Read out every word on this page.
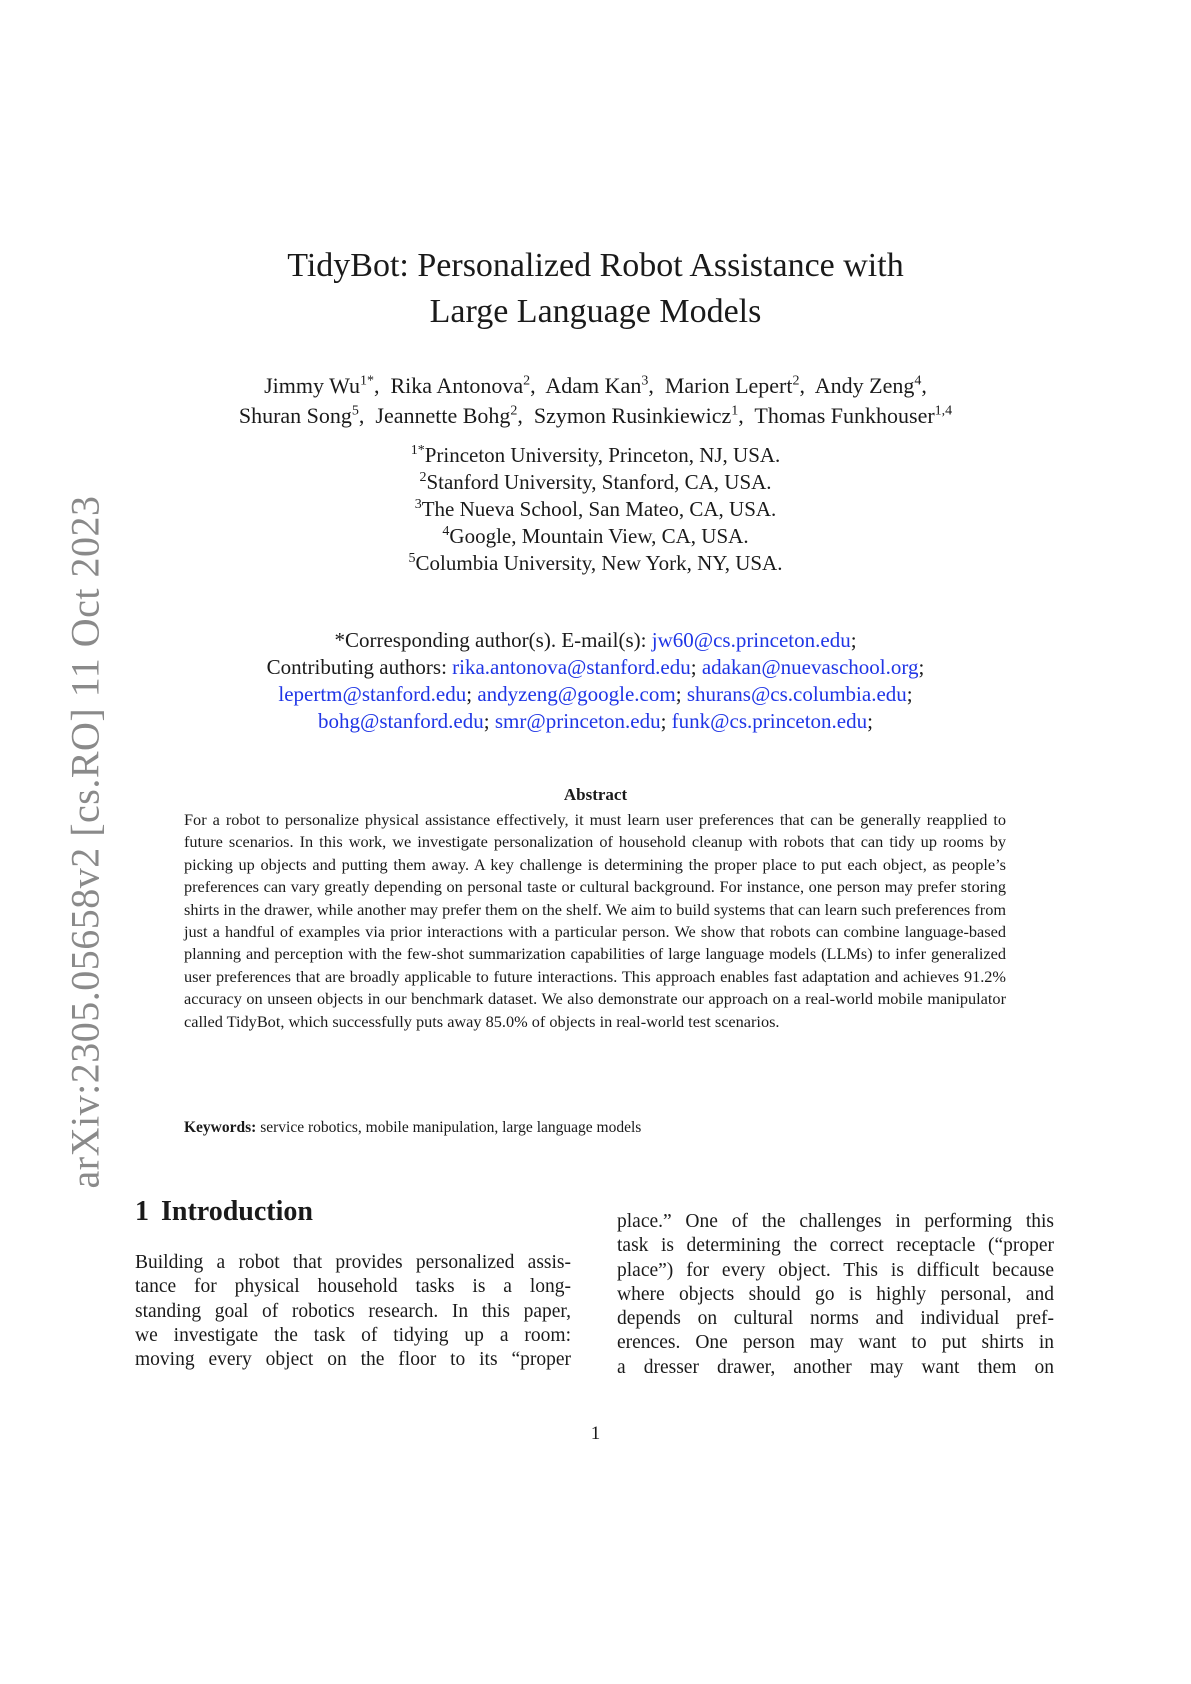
arXiv:2305.05658v2 [cs.RO] 11 Oct 2023
TidyBot: Personalized Robot Assistance with
Large Language Models
Jimmy $Wu^{1*}$,  Rika Antonova$^2$,  Adam Kan$^3$,  Marion Lepert$^2$,  Andy Zeng$^4$,
Shuran Song$^5$,  Jeannette Bohg$^2$,  Szymon Rusinkiewicz$^1$,  Thomas Funkhouser$^{1,4}$
$^{1*}$Princeton University, Princeton, NJ, USA.
$^2$Stanford University, Stanford, CA, USA.
$^3$The Nueva School, San Mateo, CA, USA.
$^4$Google, Mountain View, CA, USA.
$^5$Columbia University, New York, NY, USA.
*Corresponding author(s). E-mail(s): jw60@cs.princeton.edu;
Contributing authors: rika.antonova@stanford.edu; adakan@nuevaschool.org;
lepertm@stanford.edu; andyzeng@google.com; shurans@cs.columbia.edu;
bohg@stanford.edu; smr@princeton.edu; funk@cs.princeton.edu;
Abstract
For a robot to personalize physical assistance effectively, it must learn user preferences that can be generally reapplied to future scenarios. In this work, we investigate personalization of household cleanup with robots that can tidy up rooms by picking up objects and putting them away. A key challenge is determining the proper place to put each object, as people’s preferences can vary greatly depending on personal taste or cultural background. For instance, one person may prefer storing shirts in the drawer, while another may prefer them on the shelf. We aim to build systems that can learn such preferences from just a handful of examples via prior interactions with a particular person. We show that robots can combine language-based planning and perception with the few-shot summarization capabilities of large language models (LLMs) to infer generalized user preferences that are broadly applicable to future interactions. This approach enables fast adaptation and achieves 91.2% accuracy on unseen objects in our benchmark dataset. We also demonstrate our approach on a real-world mobile manipulator called TidyBot, which successfully puts away 85.0% of objects in real-world test scenarios.
Keywords: service robotics, mobile manipulation, large language models
1 Introduction
Building a robot that provides personalized assis-
tance for physical household tasks is a long-
standing goal of robotics research. In this paper,
we investigate the task of tidying up a room:
moving every object on the floor to its “proper
place.” One of the challenges in performing this
task is determining the correct receptacle (“proper
place”) for every object. This is difficult because
where objects should go is highly personal, and
depends on cultural norms and individual pref-
erences. One person may want to put shirts in
a dresser drawer, another may want them on
1
